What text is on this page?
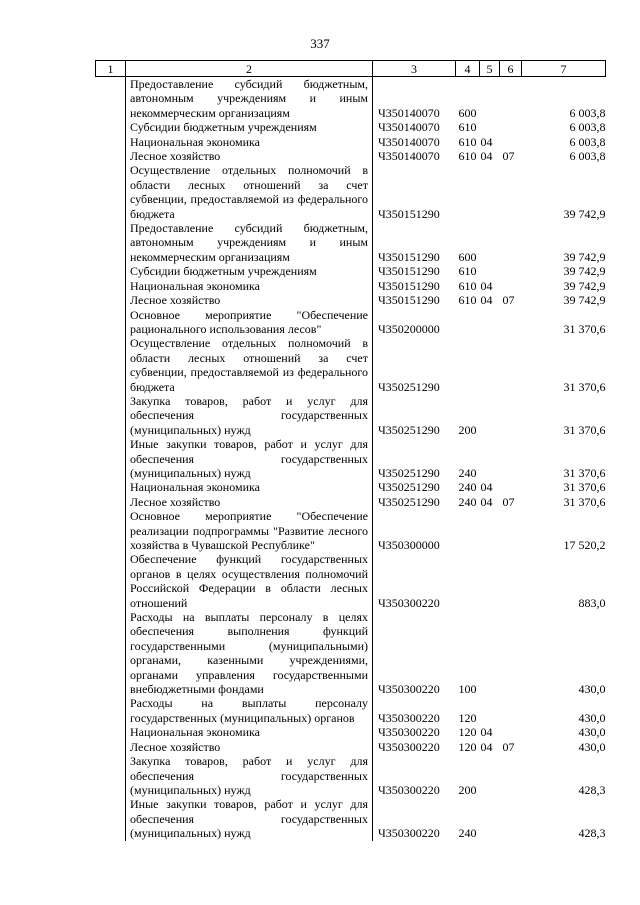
337
1	2	3	4	5	6	7
	Предоставление субсидий бюджетным, автономным учреждениям и иным некоммерческим организациям	Ч350140070	600			6 003,8
	Субсидии бюджетным учреждениям	Ч350140070	610			6 003,8
	Национальная экономика	Ч350140070	610	04		6 003,8
	Лесное хозяйство	Ч350140070	610	04	07	6 003,8
	Осуществление отдельных полномочий в области лесных отношений за счет субвенции, предоставляемой из федерального бюджета	Ч350151290				39 742,9
	Предоставление субсидий бюджетным, автономным учреждениям и иным некоммерческим организациям	Ч350151290	600			39 742,9
	Субсидии бюджетным учреждениям	Ч350151290	610			39 742,9
	Национальная экономика	Ч350151290	610	04		39 742,9
	Лесное хозяйство	Ч350151290	610	04	07	39 742,9
	Основное мероприятие "Обеспечение рационального использования лесов"	Ч350200000				31 370,6
	Осуществление отдельных полномочий в области лесных отношений за счет субвенции, предоставляемой из федерального бюджета	Ч350251290				31 370,6
	Закупка товаров, работ и услуг для обеспечения государственных (муниципальных) нужд	Ч350251290	200			31 370,6
	Иные закупки товаров, работ и услуг для обеспечения государственных (муниципальных) нужд	Ч350251290	240			31 370,6
	Национальная экономика	Ч350251290	240	04		31 370,6
	Лесное хозяйство	Ч350251290	240	04	07	31 370,6
	Основное мероприятие "Обеспечение реализации подпрограммы "Развитие лесного хозяйства в Чувашской Республике"	Ч350300000				17 520,2
	Обеспечение функций государственных органов в целях осуществления полномочий Российской Федерации в области лесных отношений	Ч350300220				883,0
	Расходы на выплаты персоналу в целях обеспечения выполнения функций государственными (муниципальными) органами, казенными учреждениями, органами управления государственными внебюджетными фондами	Ч350300220	100			430,0
	Расходы на выплаты персоналу государственных (муниципальных) органов	Ч350300220	120			430,0
	Национальная экономика	Ч350300220	120	04		430,0
	Лесное хозяйство	Ч350300220	120	04	07	430,0
	Закупка товаров, работ и услуг для обеспечения государственных (муниципальных) нужд	Ч350300220	200			428,3
	Иные закупки товаров, работ и услуг для обеспечения государственных (муниципальных) нужд	Ч350300220	240			428,3
